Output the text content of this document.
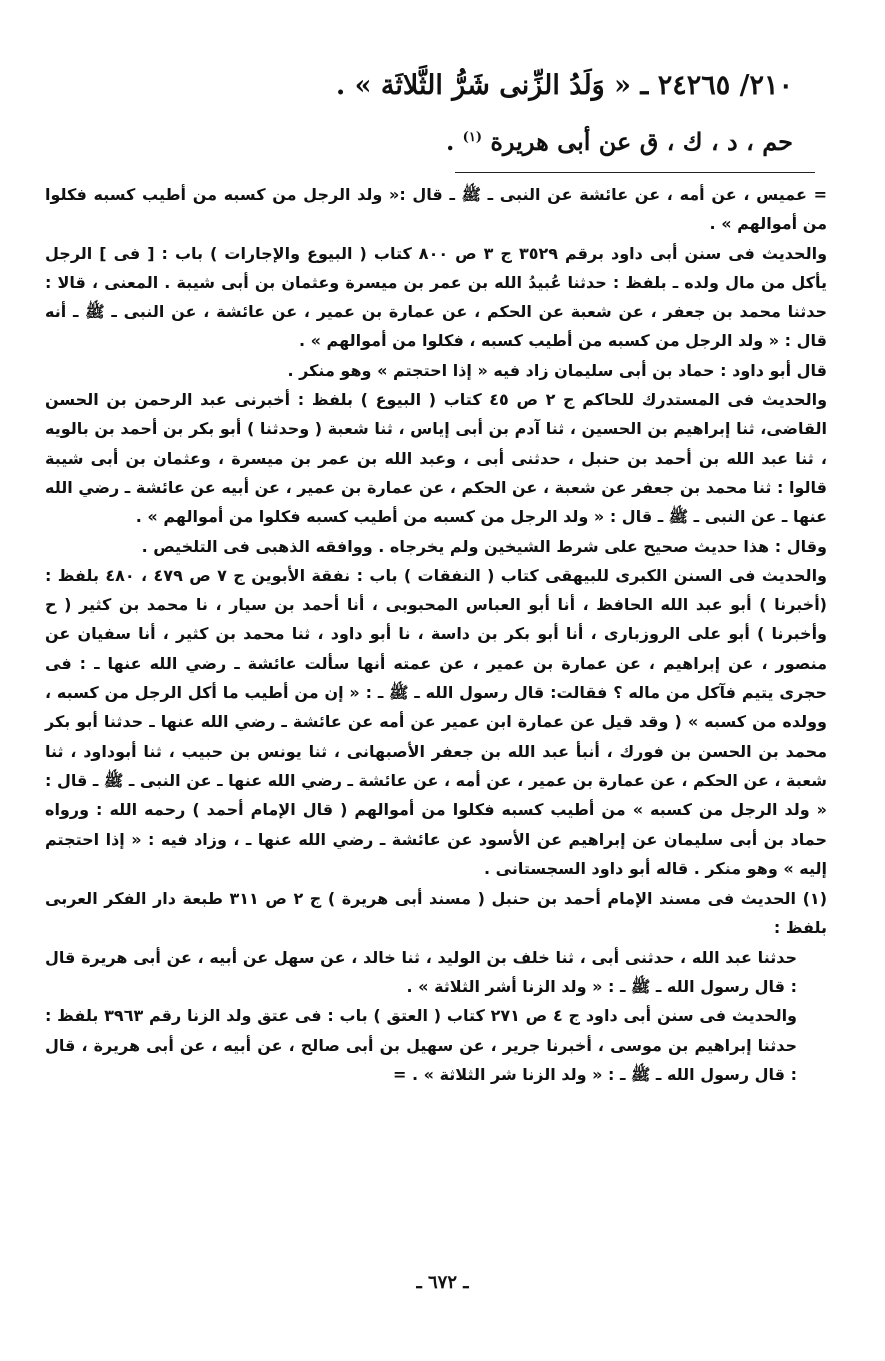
٢١٠/ ٢٤٢٦٥ ـ « وَلَدُ الزِّنى شَرُّ الثَّلاثَة » .

حم ، د ، ك ، ق عن أبى هريرة $^{(١)}$ .

= عميس ، عن أمه ، عن عائشة عن النبى ـ ﷺ ـ قال :« ولد الرجل من كسبه من أطيب كسبه فكلوا من أموالهم » .

والحديث فى سنن أبى داود برقم ٣٥٢٩ ج ٣ ص ٨٠٠ كتاب ( البيوع والإجارات ) باب : [ فى ] الرجل يأكل من مال ولده ـ بلفظ : حدثنا عُبيدُ الله بن عمر بن ميسرة وعثمان بن أبى شيبة . المعنى ، قالا : حدثنا محمد بن جعفر ، عن شعبة عن الحكم ، عن عمارة بن عمير ، عن عائشة ، عن النبى ـ ﷺ ـ أنه قال : « ولد الرجل من كسبه من أطيب كسبه ، فكلوا من أموالهم » .

قال أبو داود : حماد بن أبى سليمان زاد فيه « إذا احتجتم » وهو منكر .

والحديث فى المستدرك للحاكم ج ٢ ص ٤٥ كتاب ( البيوع ) بلفظ : أخبرنى عبد الرحمن بن الحسن القاضى، ثنا إبراهيم بن الحسين ، ثنا آدم بن أبى إياس ، ثنا شعبة ( وحدثنا ) أبو بكر بن أحمد بن بالويه ، ثنا عبد الله بن أحمد بن حنبل ، حدثنى أبى ، وعبد الله بن عمر بن ميسرة ، وعثمان بن أبى شيبة قالوا : ثنا محمد بن جعفر عن شعبة ، عن الحكم ، عن عمارة بن عمير ، عن أبيه عن عائشة ـ رضي الله عنها ـ عن النبى ـ ﷺ ـ قال : « ولد الرجل من كسبه من أطيب كسبه فكلوا من أموالهم » .

وقال : هذا حديث صحيح على شرط الشيخين ولم يخرجاه . ووافقه الذهبى فى التلخيص .

والحديث فى السنن الكبرى للبيهقى كتاب ( النفقات ) باب : نفقة الأبوين ج ٧ ص ٤٧٩ ، ٤٨٠ بلفظ : (أخبرنا ) أبو عبد الله الحافظ ، أنا أبو العباس المحبوبى ، أنا أحمد بن سيار ، نا محمد بن كثير ( ح وأخبرنا ) أبو على الروزبارى ، أنا أبو بكر بن داسة ، نا أبو داود ، ثنا محمد بن كثير ، أنا سفيان عن منصور ، عن إبراهيم ، عن عمارة بن عمير ، عن عمته أنها سألت عائشة ـ رضي الله عنها ـ : فى حجرى يتيم فآكل من ماله ؟ فقالت: قال رسول الله ـ ﷺ ـ : « إن من أطيب ما أكل الرجل من كسبه ، وولده من كسبه » ( وقد قيل عن عمارة ابن عمير عن أمه عن عائشة ـ رضي الله عنها ـ حدثنا أبو بكر محمد بن الحسن بن فورك ، أنبأ عبد الله بن جعفر الأصبهانى ، ثنا يونس بن حبيب ، ثنا أبوداود ، ثنا شعبة ، عن الحكم ، عن عمارة بن عمير ، عن أمه ، عن عائشة ـ رضي الله عنها ـ عن النبى ـ ﷺ ـ قال : « ولد الرجل من كسبه » من أطيب كسبه فكلوا من أموالهم ( قال الإمام أحمد ) رحمه الله : ورواه حماد بن أبى سليمان عن إبراهيم عن الأسود عن عائشة ـ رضي الله عنها ـ ، وزاد فيه : « إذا احتجتم إليه » وهو منكر . قاله أبو داود السجستانى .

(١) الحديث فى مسند الإمام أحمد بن حنبل ( مسند أبى هريرة ) ج ٢ ص ٣١١ طبعة دار الفكر العربى بلفظ :

حدثنا عبد الله ، حدثنى أبى ، ثنا خلف بن الوليد ، ثنا خالد ، عن سهل عن أبيه ، عن أبى هريرة قال : قال رسول الله ـ ﷺ ـ : « ولد الزنا أشر الثلاثة » .

والحديث فى سنن أبى داود ج ٤ ص ٢٧١ كتاب ( العتق ) باب : فى عتق ولد الزنا رقم ٣٩٦٣ بلفظ : حدثنا إبراهيم بن موسى ، أخبرنا جرير ، عن سهيل بن أبى صالح ، عن أبيه ، عن أبى هريرة ، قال : قال رسول الله ـ ﷺ ـ : « ولد الزنا شر الثلاثة » . =

ـ ٦٧٢ ـ
